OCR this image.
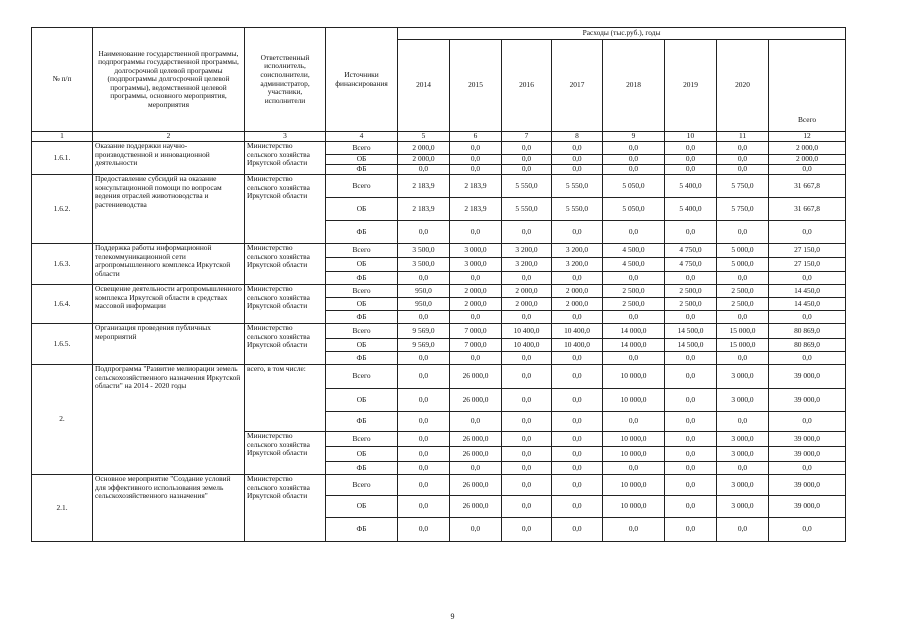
№ п/п	Наименование государственной программы, подпрограммы государственной программы, долгосрочной целевой программы (подпрограммы долгосрочной целевой программы), ведомственной целевой программы, основного мероприятия, мероприятия	Ответственный исполнитель, соисполнители, администратор, участники, исполнители	Источники финансирования	Расходы (тыс.руб.), годы							
				2014	2015	2016	2017	2018	2019	2020	Всего
1	2	3	4	5	6	7	8	9	10	11	12
1.6.1.	Оказание поддержки научно-производственной и инновационной деятельности	Министерство сельского хозяйства Иркутской области	Всего	2 000,0	0,0	0,0	0,0	0,0	0,0	0,0	2 000,0
			ОБ	2 000,0	0,0	0,0	0,0	0,0	0,0	0,0	2 000,0
			ФБ	0,0	0,0	0,0	0,0	0,0	0,0	0,0	0,0
1.6.2.	Предоставление субсидий на оказание консультационной помощи по вопросам ведения отраслей животноводства и растениеводства	Министерство сельского хозяйства Иркутской области	Всего	2 183,9	2 183,9	5 550,0	5 550,0	5 050,0	5 400,0	5 750,0	31 667,8
			ОБ	2 183,9	2 183,9	5 550,0	5 550,0	5 050,0	5 400,0	5 750,0	31 667,8
			ФБ	0,0	0,0	0,0	0,0	0,0	0,0	0,0	0,0
1.6.3.	Поддержка работы информационной телекоммуникационной сети агропромышленного комплекса Иркутской области	Министерство сельского хозяйства Иркутской области	Всего	3 500,0	3 000,0	3 200,0	3 200,0	4 500,0	4 750,0	5 000,0	27 150,0
			ОБ	3 500,0	3 000,0	3 200,0	3 200,0	4 500,0	4 750,0	5 000,0	27 150,0
			ФБ	0,0	0,0	0,0	0,0	0,0	0,0	0,0	0,0
1.6.4.	Освещение деятельности агропромышленного комплекса Иркутской области в средствах массовой информации	Министерство сельского хозяйства Иркутской области	Всего	950,0	2 000,0	2 000,0	2 000,0	2 500,0	2 500,0	2 500,0	14 450,0
			ОБ	950,0	2 000,0	2 000,0	2 000,0	2 500,0	2 500,0	2 500,0	14 450,0
			ФБ	0,0	0,0	0,0	0,0	0,0	0,0	0,0	0,0
1.6.5.	Организация проведения публичных мероприятий	Министерство сельского хозяйства Иркутской области	Всего	9 569,0	7 000,0	10 400,0	10 400,0	14 000,0	14 500,0	15 000,0	80 869,0
			ОБ	9 569,0	7 000,0	10 400,0	10 400,0	14 000,0	14 500,0	15 000,0	80 869,0
			ФБ	0,0	0,0	0,0	0,0	0,0	0,0	0,0	0,0
2.	Подпрограмма "Развитие мелиорации земель сельскохозяйственного назначения Иркутской области" на 2014 - 2020 годы	всего, в том числе:	Всего	0,0	26 000,0	0,0	0,0	10 000,0	0,0	3 000,0	39 000,0
			ОБ	0,0	26 000,0	0,0	0,0	10 000,0	0,0	3 000,0	39 000,0
			ФБ	0,0	0,0	0,0	0,0	0,0	0,0	0,0	0,0
		Министерство сельского хозяйства Иркутской области	Всего	0,0	26 000,0	0,0	0,0	10 000,0	0,0	3 000,0	39 000,0
			ОБ	0,0	26 000,0	0,0	0,0	10 000,0	0,0	3 000,0	39 000,0
			ФБ	0,0	0,0	0,0	0,0	0,0	0,0	0,0	0,0
2.1.	Основное мероприятие "Создание условий для эффективного использования земель сельскохозяйственного назначения"	Министерство сельского хозяйства Иркутской области	Всего	0,0	26 000,0	0,0	0,0	10 000,0	0,0	3 000,0	39 000,0
			ОБ	0,0	26 000,0	0,0	0,0	10 000,0	0,0	3 000,0	39 000,0
			ФБ	0,0	0,0	0,0	0,0	0,0	0,0	0,0	0,0
9
